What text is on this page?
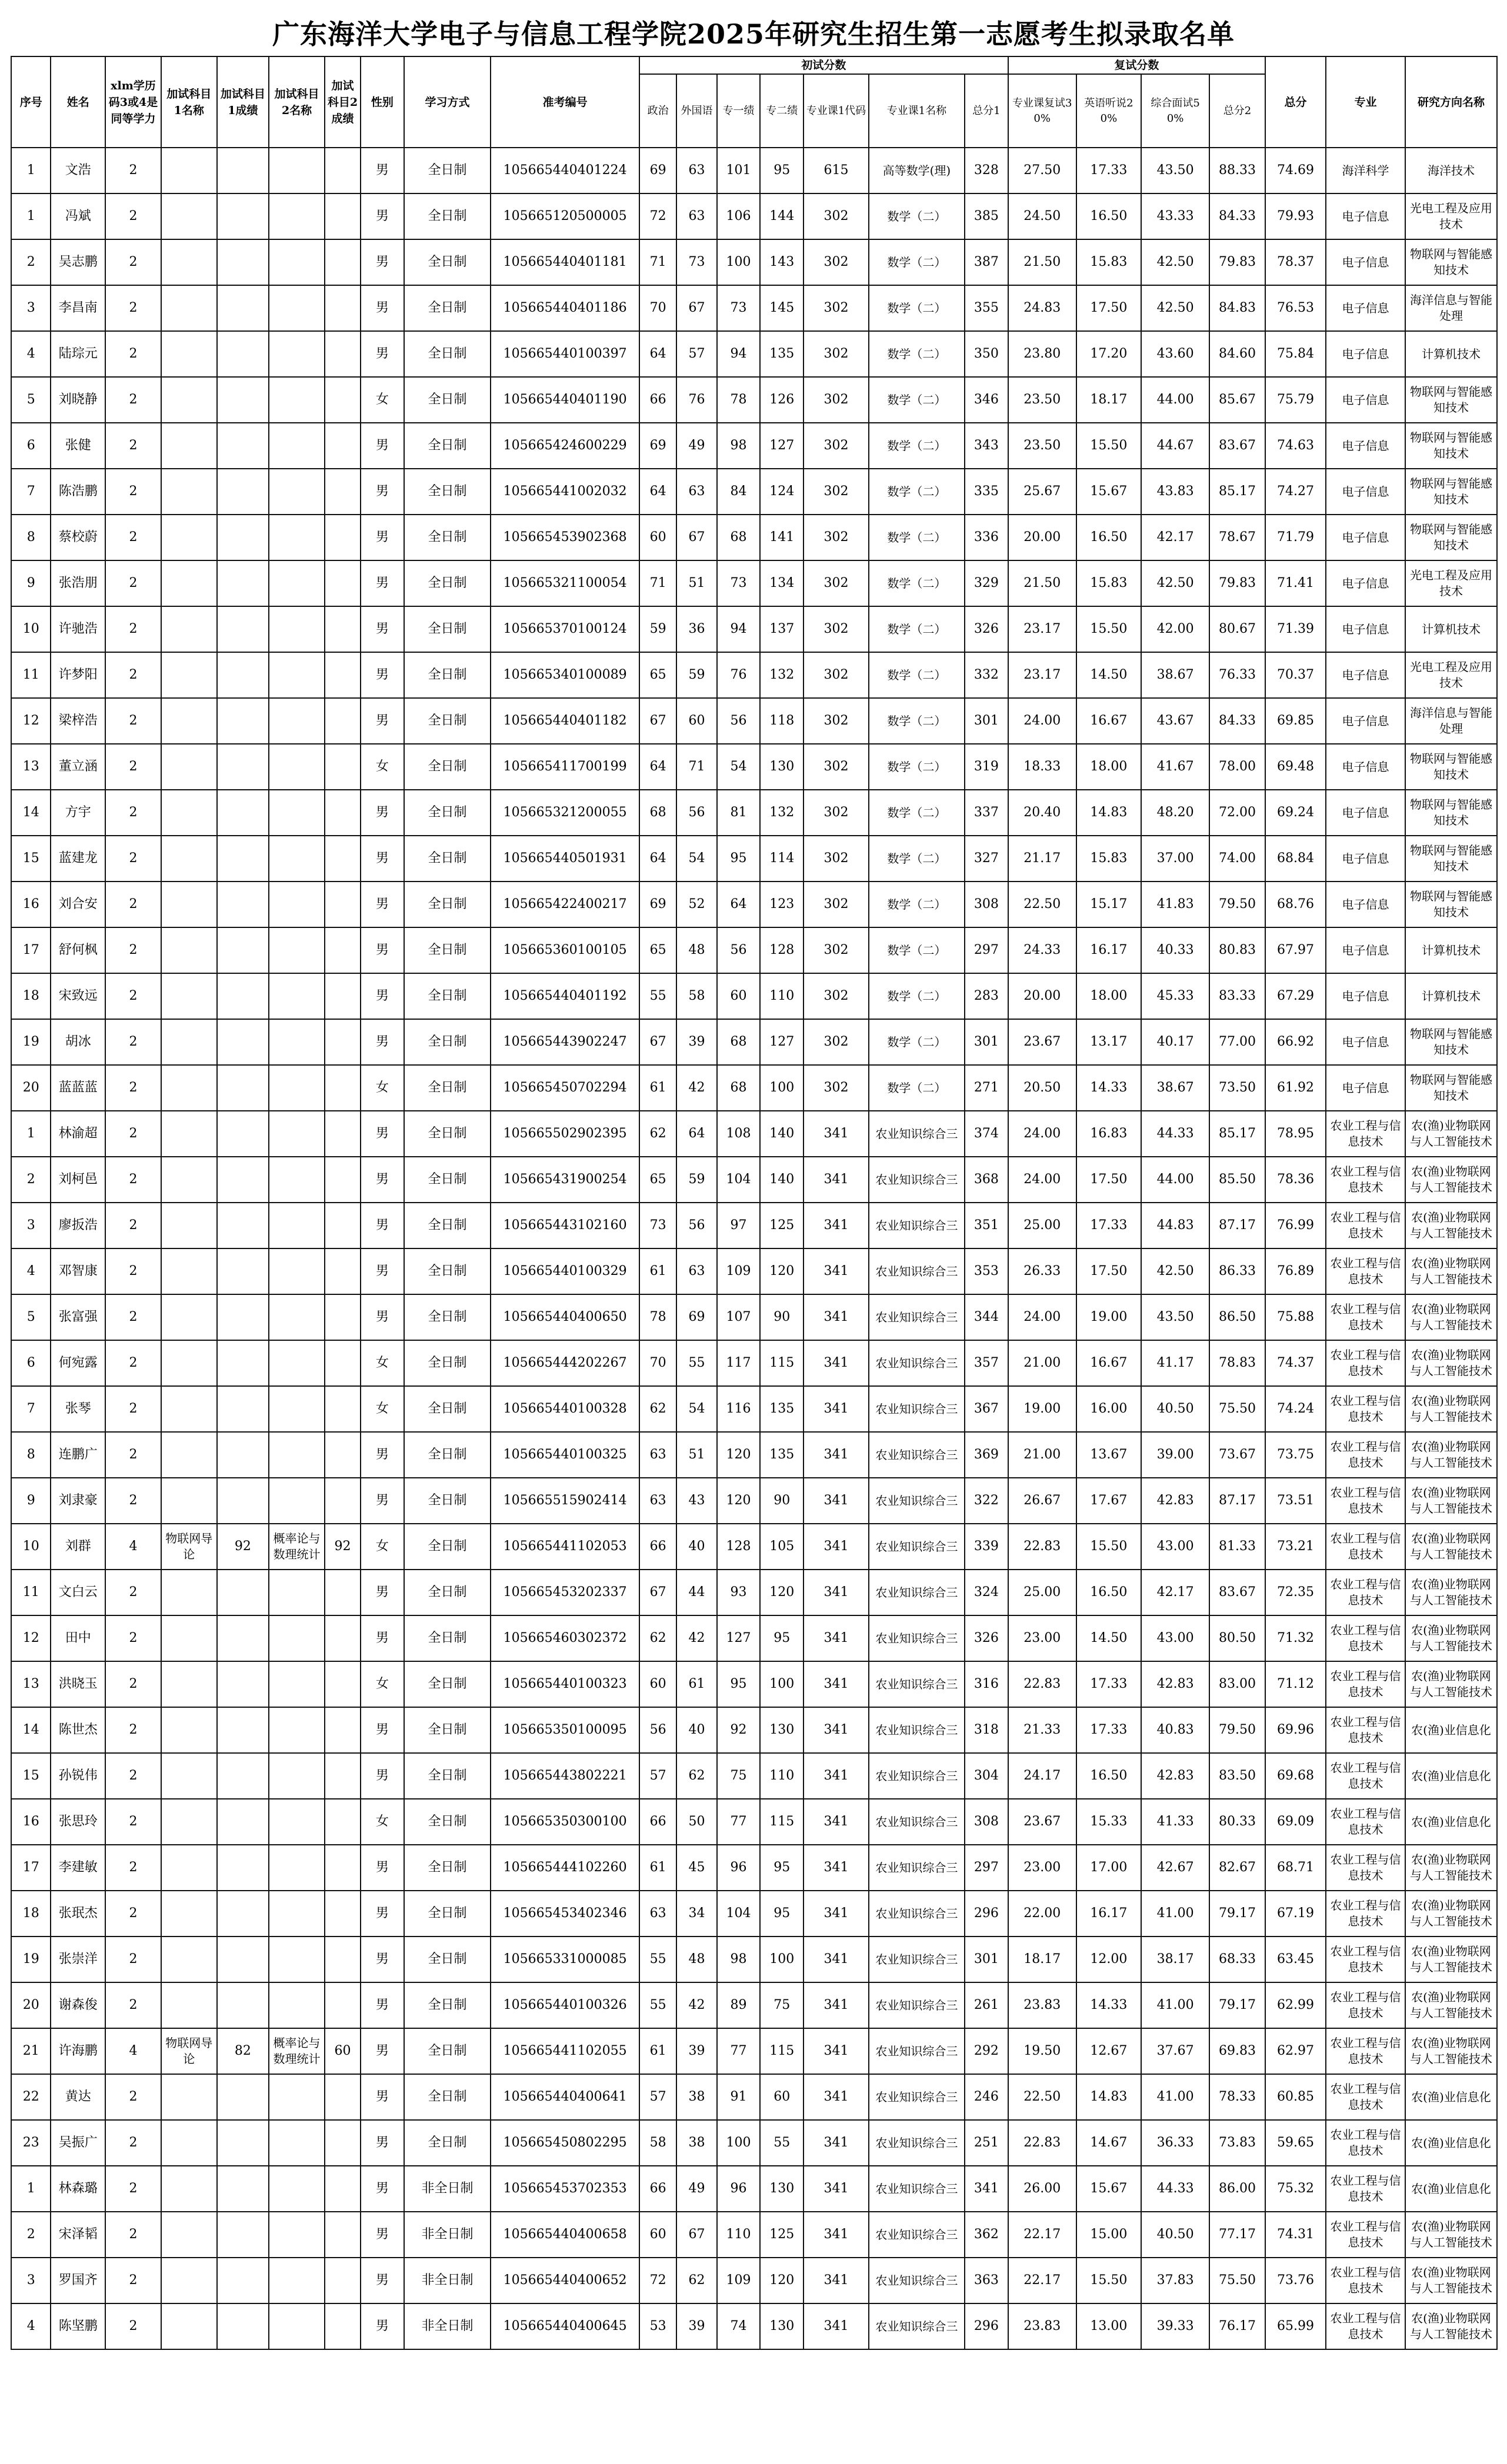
广东海洋大学电子与信息工程学院2025年研究生招生第一志愿考生拟录取名单
序号	姓名	xlm学历码3或4是同等学力	加试科目1名称	加试科目1成绩	加试科目2名称	加试科目2成绩	性别	学习方式	准考编号	初试分数							复试分数				总分	专业	研究方向名称
										政治	外国语	专一绩	专二绩	专业课1代码	专业课1名称	总分1	专业课复试30%	英语听说20%	综合面试50%	总分2			
1	文浩	2					男	全日制	105665440401224	69	63	101	95	615	高等数学(理)	328	27.50	17.33	43.50	88.33	74.69	海洋科学	海洋技术
1	冯斌	2					男	全日制	105665120500005	72	63	106	144	302	数学（二）	385	24.50	16.50	43.33	84.33	79.93	电子信息	光电工程及应用技术
2	吴志鹏	2					男	全日制	105665440401181	71	73	100	143	302	数学（二）	387	21.50	15.83	42.50	79.83	78.37	电子信息	物联网与智能感知技术
3	李昌南	2					男	全日制	105665440401186	70	67	73	145	302	数学（二）	355	24.83	17.50	42.50	84.83	76.53	电子信息	海洋信息与智能处理
4	陆琮元	2					男	全日制	105665440100397	64	57	94	135	302	数学（二）	350	23.80	17.20	43.60	84.60	75.84	电子信息	计算机技术
5	刘晓静	2					女	全日制	105665440401190	66	76	78	126	302	数学（二）	346	23.50	18.17	44.00	85.67	75.79	电子信息	物联网与智能感知技术
6	张健	2					男	全日制	105665424600229	69	49	98	127	302	数学（二）	343	23.50	15.50	44.67	83.67	74.63	电子信息	物联网与智能感知技术
7	陈浩鹏	2					男	全日制	105665441002032	64	63	84	124	302	数学（二）	335	25.67	15.67	43.83	85.17	74.27	电子信息	物联网与智能感知技术
8	蔡校蔚	2					男	全日制	105665453902368	60	67	68	141	302	数学（二）	336	20.00	16.50	42.17	78.67	71.79	电子信息	物联网与智能感知技术
9	张浩朋	2					男	全日制	105665321100054	71	51	73	134	302	数学（二）	329	21.50	15.83	42.50	79.83	71.41	电子信息	光电工程及应用技术
10	许驰浩	2					男	全日制	105665370100124	59	36	94	137	302	数学（二）	326	23.17	15.50	42.00	80.67	71.39	电子信息	计算机技术
11	许梦阳	2					男	全日制	105665340100089	65	59	76	132	302	数学（二）	332	23.17	14.50	38.67	76.33	70.37	电子信息	光电工程及应用技术
12	梁梓浩	2					男	全日制	105665440401182	67	60	56	118	302	数学（二）	301	24.00	16.67	43.67	84.33	69.85	电子信息	海洋信息与智能处理
13	董立涵	2					女	全日制	105665411700199	64	71	54	130	302	数学（二）	319	18.33	18.00	41.67	78.00	69.48	电子信息	物联网与智能感知技术
14	方宇	2					男	全日制	105665321200055	68	56	81	132	302	数学（二）	337	20.40	14.83	48.20	72.00	69.24	电子信息	物联网与智能感知技术
15	蓝建龙	2					男	全日制	105665440501931	64	54	95	114	302	数学（二）	327	21.17	15.83	37.00	74.00	68.84	电子信息	物联网与智能感知技术
16	刘合安	2					男	全日制	105665422400217	69	52	64	123	302	数学（二）	308	22.50	15.17	41.83	79.50	68.76	电子信息	物联网与智能感知技术
17	舒何枫	2					男	全日制	105665360100105	65	48	56	128	302	数学（二）	297	24.33	16.17	40.33	80.83	67.97	电子信息	计算机技术
18	宋致远	2					男	全日制	105665440401192	55	58	60	110	302	数学（二）	283	20.00	18.00	45.33	83.33	67.29	电子信息	计算机技术
19	胡冰	2					男	全日制	105665443902247	67	39	68	127	302	数学（二）	301	23.67	13.17	40.17	77.00	66.92	电子信息	物联网与智能感知技术
20	蓝蓝蓝	2					女	全日制	105665450702294	61	42	68	100	302	数学（二）	271	20.50	14.33	38.67	73.50	61.92	电子信息	物联网与智能感知技术
1	林渝超	2					男	全日制	105665502902395	62	64	108	140	341	农业知识综合三	374	24.00	16.83	44.33	85.17	78.95	农业工程与信息技术	农(渔)业物联网与人工智能技术
2	刘柯邑	2					男	全日制	105665431900254	65	59	104	140	341	农业知识综合三	368	24.00	17.50	44.00	85.50	78.36	农业工程与信息技术	农(渔)业物联网与人工智能技术
3	廖扳浩	2					男	全日制	105665443102160	73	56	97	125	341	农业知识综合三	351	25.00	17.33	44.83	87.17	76.99	农业工程与信息技术	农(渔)业物联网与人工智能技术
4	邓智康	2					男	全日制	105665440100329	61	63	109	120	341	农业知识综合三	353	26.33	17.50	42.50	86.33	76.89	农业工程与信息技术	农(渔)业物联网与人工智能技术
5	张富强	2					男	全日制	105665440400650	78	69	107	90	341	农业知识综合三	344	24.00	19.00	43.50	86.50	75.88	农业工程与信息技术	农(渔)业物联网与人工智能技术
6	何宛露	2					女	全日制	105665444202267	70	55	117	115	341	农业知识综合三	357	21.00	16.67	41.17	78.83	74.37	农业工程与信息技术	农(渔)业物联网与人工智能技术
7	张琴	2					女	全日制	105665440100328	62	54	116	135	341	农业知识综合三	367	19.00	16.00	40.50	75.50	74.24	农业工程与信息技术	农(渔)业物联网与人工智能技术
8	连鹏广	2					男	全日制	105665440100325	63	51	120	135	341	农业知识综合三	369	21.00	13.67	39.00	73.67	73.75	农业工程与信息技术	农(渔)业物联网与人工智能技术
9	刘隶豪	2					男	全日制	105665515902414	63	43	120	90	341	农业知识综合三	322	26.67	17.67	42.83	87.17	73.51	农业工程与信息技术	农(渔)业物联网与人工智能技术
10	刘群	4	物联网导论	92	概率论与数理统计	92	女	全日制	105665441102053	66	40	128	105	341	农业知识综合三	339	22.83	15.50	43.00	81.33	73.21	农业工程与信息技术	农(渔)业物联网与人工智能技术
11	文白云	2					男	全日制	105665453202337	67	44	93	120	341	农业知识综合三	324	25.00	16.50	42.17	83.67	72.35	农业工程与信息技术	农(渔)业物联网与人工智能技术
12	田中	2					男	全日制	105665460302372	62	42	127	95	341	农业知识综合三	326	23.00	14.50	43.00	80.50	71.32	农业工程与信息技术	农(渔)业物联网与人工智能技术
13	洪晓玉	2					女	全日制	105665440100323	60	61	95	100	341	农业知识综合三	316	22.83	17.33	42.83	83.00	71.12	农业工程与信息技术	农(渔)业物联网与人工智能技术
14	陈世杰	2					男	全日制	105665350100095	56	40	92	130	341	农业知识综合三	318	21.33	17.33	40.83	79.50	69.96	农业工程与信息技术	农(渔)业信息化
15	孙锐伟	2					男	全日制	105665443802221	57	62	75	110	341	农业知识综合三	304	24.17	16.50	42.83	83.50	69.68	农业工程与信息技术	农(渔)业信息化
16	张思玲	2					女	全日制	105665350300100	66	50	77	115	341	农业知识综合三	308	23.67	15.33	41.33	80.33	69.09	农业工程与信息技术	农(渔)业信息化
17	李建敏	2					男	全日制	105665444102260	61	45	96	95	341	农业知识综合三	297	23.00	17.00	42.67	82.67	68.71	农业工程与信息技术	农(渔)业物联网与人工智能技术
18	张珉杰	2					男	全日制	105665453402346	63	34	104	95	341	农业知识综合三	296	22.00	16.17	41.00	79.17	67.19	农业工程与信息技术	农(渔)业物联网与人工智能技术
19	张崇洋	2					男	全日制	105665331000085	55	48	98	100	341	农业知识综合三	301	18.17	12.00	38.17	68.33	63.45	农业工程与信息技术	农(渔)业物联网与人工智能技术
20	谢森俊	2					男	全日制	105665440100326	55	42	89	75	341	农业知识综合三	261	23.83	14.33	41.00	79.17	62.99	农业工程与信息技术	农(渔)业物联网与人工智能技术
21	许海鹏	4	物联网导论	82	概率论与数理统计	60	男	全日制	105665441102055	61	39	77	115	341	农业知识综合三	292	19.50	12.67	37.67	69.83	62.97	农业工程与信息技术	农(渔)业物联网与人工智能技术
22	黄达	2					男	全日制	105665440400641	57	38	91	60	341	农业知识综合三	246	22.50	14.83	41.00	78.33	60.85	农业工程与信息技术	农(渔)业信息化
23	吴振广	2					男	全日制	105665450802295	58	38	100	55	341	农业知识综合三	251	22.83	14.67	36.33	73.83	59.65	农业工程与信息技术	农(渔)业信息化
1	林森璐	2					男	非全日制	105665453702353	66	49	96	130	341	农业知识综合三	341	26.00	15.67	44.33	86.00	75.32	农业工程与信息技术	农(渔)业信息化
2	宋泽韬	2					男	非全日制	105665440400658	60	67	110	125	341	农业知识综合三	362	22.17	15.00	40.50	77.17	74.31	农业工程与信息技术	农(渔)业物联网与人工智能技术
3	罗国齐	2					男	非全日制	105665440400652	72	62	109	120	341	农业知识综合三	363	22.17	15.50	37.83	75.50	73.76	农业工程与信息技术	农(渔)业物联网与人工智能技术
4	陈坚鹏	2					男	非全日制	105665440400645	53	39	74	130	341	农业知识综合三	296	23.83	13.00	39.33	76.17	65.99	农业工程与信息技术	农(渔)业物联网与人工智能技术
